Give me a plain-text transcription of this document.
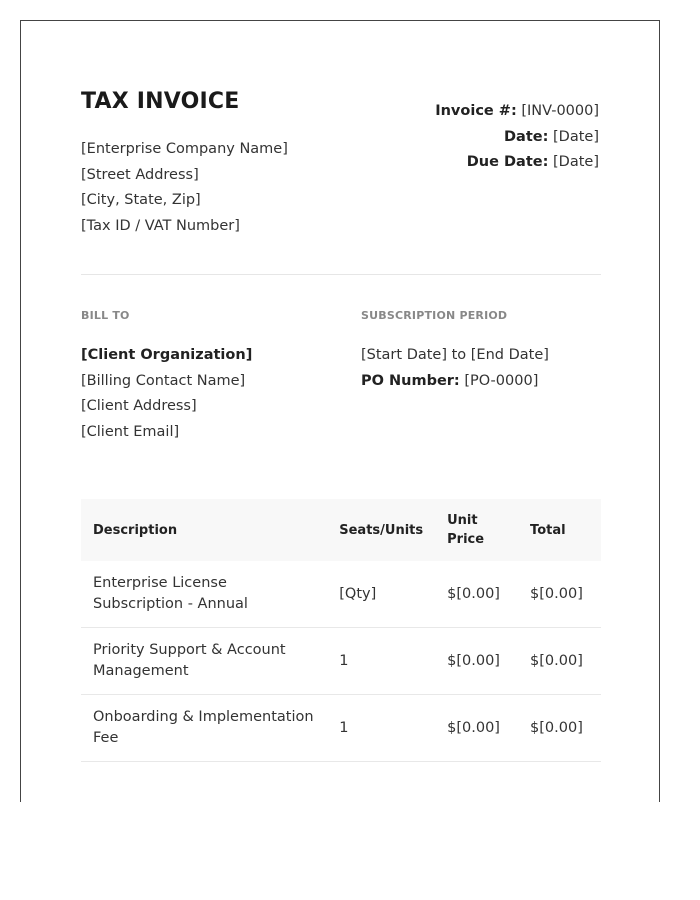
TAX INVOICE
[Enterprise Company Name]
[Street Address]
[City, State, Zip]
[Tax ID / VAT Number]
Invoice #: [INV-0000]
Date: [Date]
Due Date: [Date]
BILL TO	SUBSCRIPTION PERIOD
[Client Organization]
[Billing Contact Name]
[Client Address]
[Client Email]
[Start Date] to [End Date]
PO Number: [PO-0000]
Description	Seats/Units	Unit Price	Total
Enterprise License Subscription - Annual	[Qty]	$[0.00]	$[0.00]
Priority Support & Account Management	1	$[0.00]	$[0.00]
Onboarding & Implementation Fee	1	$[0.00]	$[0.00]
